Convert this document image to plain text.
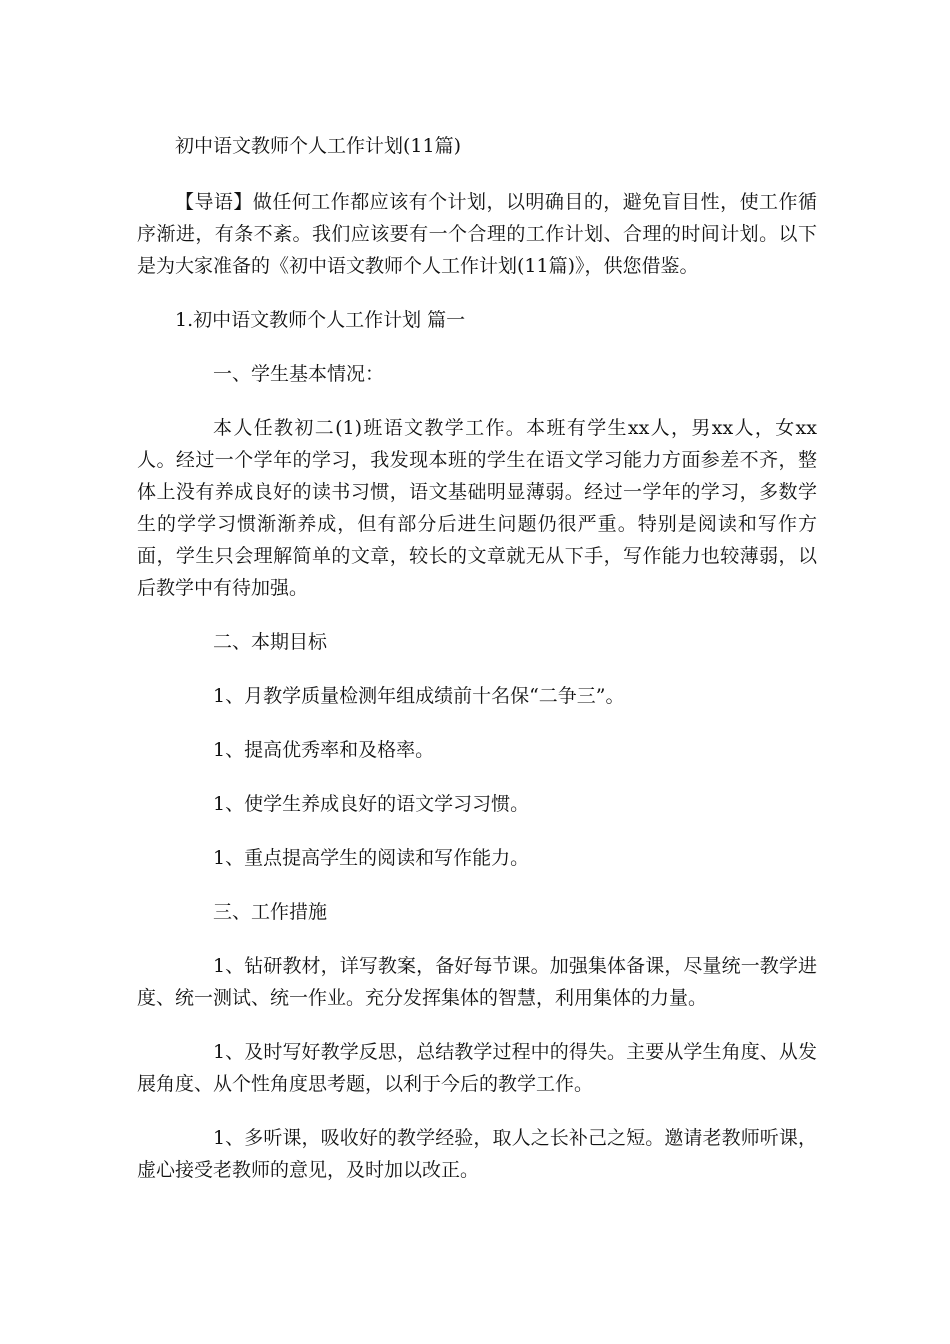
初中语文教师个人工作计划(11篇)

【导语】做任何工作都应该有个计划，以明确目的，避免盲目性，使工作循序渐进，有条不紊。我们应该要有一个合理的工作计划、合理的时间计划。以下是为大家准备的《初中语文教师个人工作计划(11篇)》，供您借鉴。

1.初中语文教师个人工作计划 篇一
一、学生基本情况：

本人任教初二(1)班语文教学工作。本班有学生xx人，男xx人，女xx人。经过一个学年的学习，我发现本班的学生在语文学习能力方面参差不齐，整体上没有养成良好的读书习惯，语文基础明显薄弱。经过一学年的学习，多数学生的学学习惯渐渐养成，但有部分后进生问题仍很严重。特别是阅读和写作方面，学生只会理解简单的文章，较长的文章就无从下手，写作能力也较薄弱，以后教学中有待加强。

二、本期目标
1、月教学质量检测年组成绩前十名保“二争三”。
1、提高优秀率和及格率。
1、使学生养成良好的语文学习习惯。
1、重点提高学生的阅读和写作能力。
三、工作措施

1、钻研教材，详写教案，备好每节课。加强集体备课，尽量统一教学进度、统一测试、统一作业。充分发挥集体的智慧，利用集体的力量。

1、及时写好教学反思，总结教学过程中的得失。主要从学生角度、从发展角度、从个性角度思考题，以利于今后的教学工作。

1、多听课，吸收好的教学经验，取人之长补己之短。邀请老教师听课，虚心接受老教师的意见，及时加以改正。
